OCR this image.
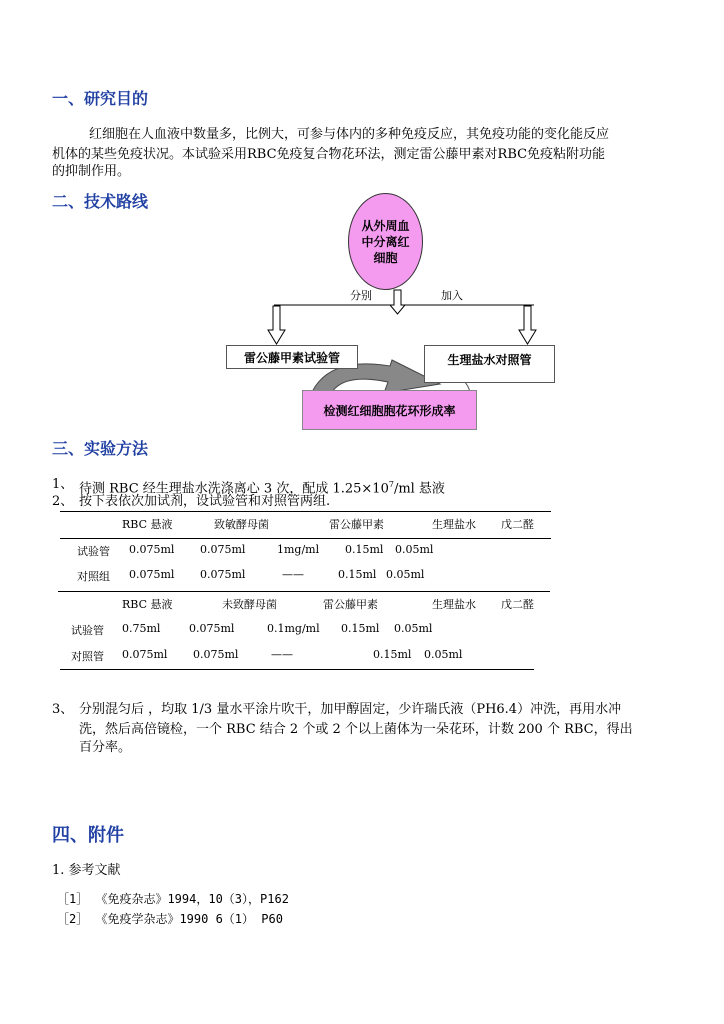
一、研究目的
红细胞在人血液中数量多，比例大，可参与体内的多种免疫反应，其免疫功能的变化能反应
机体的某些免疫状况。本试验采用RBC免疫复合物花环法，测定雷公藤甲素对RBC免疫粘附功能
的抑制作用。
二、技术路线
从外周血中分离红细胞
分别	加入
雷公藤甲素试验管	生理盐水对照管
检测红细胞胞花环形成率
三、实验方法
1、 待测 RBC 经生理盐水洗涤离心 3 次，配成 $1.25\times 10^7/ml$ 悬液
2、 按下表依次加试剂，设试验管和对照管两组.
RBC 悬液	致敏酵母菌	雷公藤甲素	生理盐水 戊二醛
试验管 0.075ml 0.075ml	1mg/ml 0.15ml 0.05ml
对照组 0.075ml 0.075ml	——	0.15ml 0.05ml
RBC 悬液	未致酵母菌	雷公藤甲素	生理盐水 戊二醛
试验管 0.75ml	0.075ml	0.1mg/ml 0.15ml 0.05ml
对照管 0.075ml 0.075ml	——	0.15ml 0.05ml
3、 分别混匀后 ，均取 1/3 量水平涂片吹干，加甲醇固定，少许瑞氏液（PH6.4）冲洗，再用水冲
洗，然后高倍镜检，一个 RBC 结合 2 个或 2 个以上菌体为一朵花环，计数 200 个 RBC，得出
百分率。
四、附件
1. 参考文献
［1］ 《免疫杂志》1994，10（3），P162
［2］ 《免疫学杂志》1990 6（1） P60
